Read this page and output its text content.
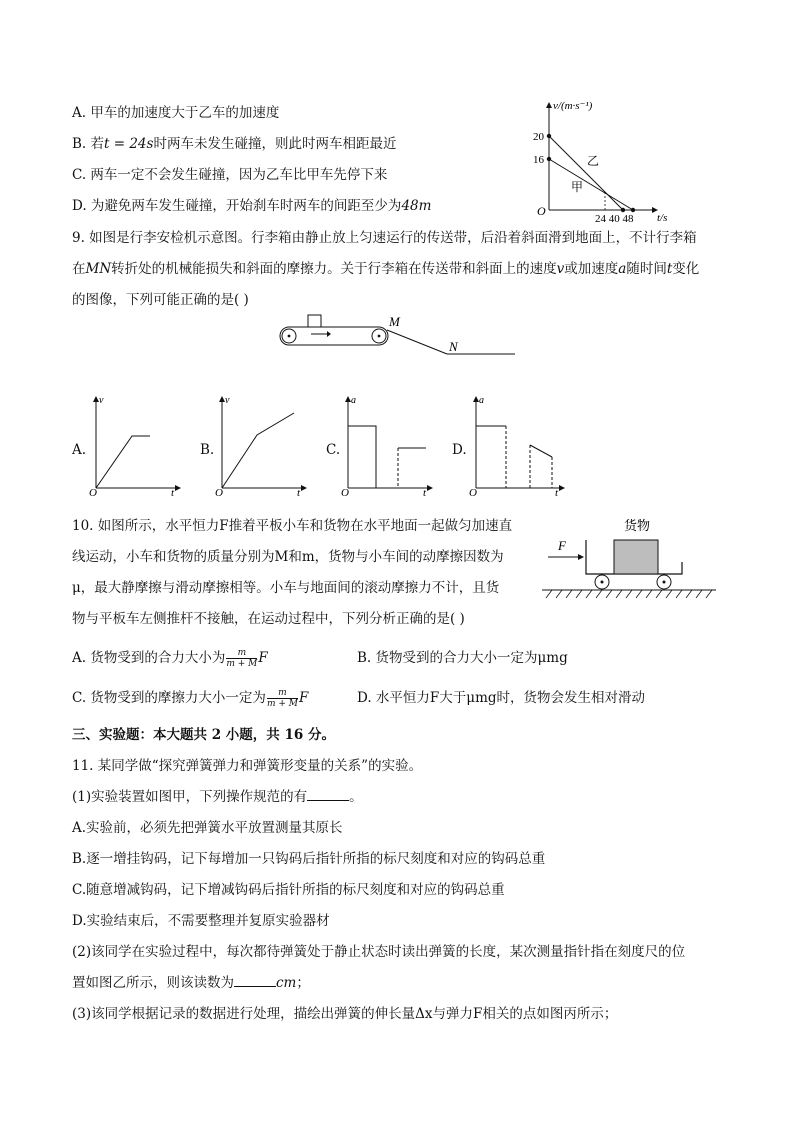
A. 甲车的加速度大于乙车的加速度
B. 若t = 24s时两车未发生碰撞，则此时两车相距最近
C. 两车一定不会发生碰撞，因为乙车比甲车先停下来
D. 为避免两车发生碰撞，开始刹车时两车的间距至少为48m
v/(m·s⁻¹)
t/s
O
20
16	乙
甲
24 40 48
9. 如图是行李安检机示意图。行李箱由静止放上匀速运行的传送带，后沿着斜面滑到地面上，不计行李箱
在MN转折处的机械能损失和斜面的摩擦力。关于行李箱在传送带和斜面上的速度v或加速度a随时间t变化
的图像，下列可能正确的是( )
M
N
A.
v
O	t
B.
v
O	t
C.
a
O	t
D.
a
O	t
10. 如图所示，水平恒力F推着平板小车和货物在水平地面一起做匀加速直
线运动，小车和货物的质量分别为M和m，货物与小车间的动摩擦因数为
μ，最大静摩擦与滑动摩擦相等。小车与地面间的滚动摩擦力不计，且货
物与平板车左侧推杆不接触，在运动过程中，下列分析正确的是( )
货物
F
A. 货物受到的合力大小为 $\frac{m}{m + M}$ F	B. 货物受到的合力大小一定为μmg
C. 货物受到的摩擦力大小一定为 $\frac{m}{m + M}$ F	D. 水平恒力F大于μmg时，货物会发生相对滑动
三、实验题：本大题共 2 小题，共 16 分。
11. 某同学做“探究弹簧弹力和弹簧形变量的关系”的实验。
(1)实验装置如图甲，下列操作规范的有	。
A.实验前，必须先把弹簧水平放置测量其原长
B.逐一增挂钩码，记下每增加一只钩码后指针所指的标尺刻度和对应的钩码总重
C.随意增减钩码，记下增减钩码后指针所指的标尺刻度和对应的钩码总重
D.实验结束后，不需要整理并复原实验器材
(2)该同学在实验过程中，每次都待弹簧处于静止状态时读出弹簧的长度，某次测量指针指在刻度尺的位
置如图乙所示，则该读数为	cm；
(3)该同学根据记录的数据进行处理，描绘出弹簧的伸长量Δx与弹力F相关的点如图丙所示；
